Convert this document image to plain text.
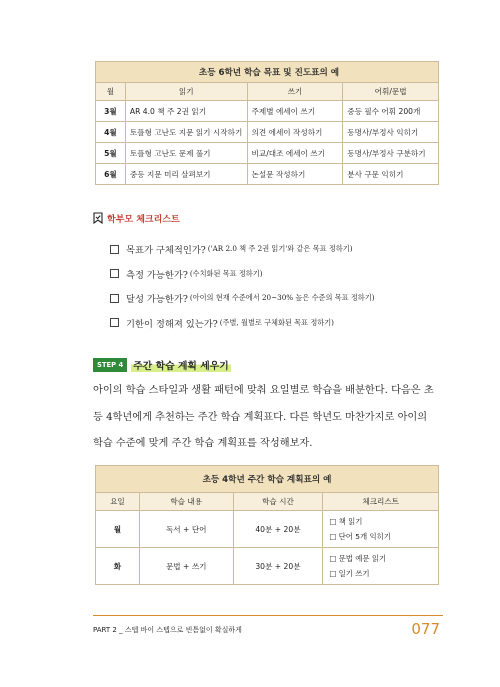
초등 6학년 학습 목표 및 진도표의 예			
월	읽기	쓰기	어휘/문법
3월	AR 4.0 책 주 2권 읽기	주제별 에세이 쓰기	중등 필수 어휘 200개
4월	토플형 고난도 지문 읽기 시작하기	의견 에세이 작성하기	동명사/부정사 익히기
5월	토플형 고난도 문제 풀기	비교/대조 에세이 쓰기	동명사/부정사 구분하기
6월	중등 지문 미리 살펴보기	논설문 작성하기	분사 구문 익히기
학부모 체크리스트
목표가 구체적인가? ('AR 2.0 책 주 2권 읽기'와 같은 목표 정하기)
측정 가능한가? (수치화된 목표 정하기)
달성 가능한가? (아이의 현재 수준에서 20~30% 높은 수준의 목표 정하기)
기한이 정해져 있는가? (주별, 월별로 구체화된 목표 정하기)
STEP 4	주간 학습 계획 세우기
아이의 학습 스타일과 생활 패턴에 맞춰 요일별로 학습을 배분한다. 다음은 초
등 4학년에게 추천하는 주간 학습 계획표다. 다른 학년도 마찬가지로 아이의
학습 수준에 맞게 주간 학습 계획표를 작성해보자.
초등 4학년 주간 학습 계획표의 예			
요일	학습 내용	학습 시간	체크리스트
월	독서 + 단어	40분 + 20분	□ 책 읽기
□ 단어 5개 익히기

화	문법 + 쓰기	30분 + 20분	□ 문법 예문 읽기
□ 일기 쓰기
PART 2 _ 스텝 바이 스텝으로 빈틈없이 확실하게	077
